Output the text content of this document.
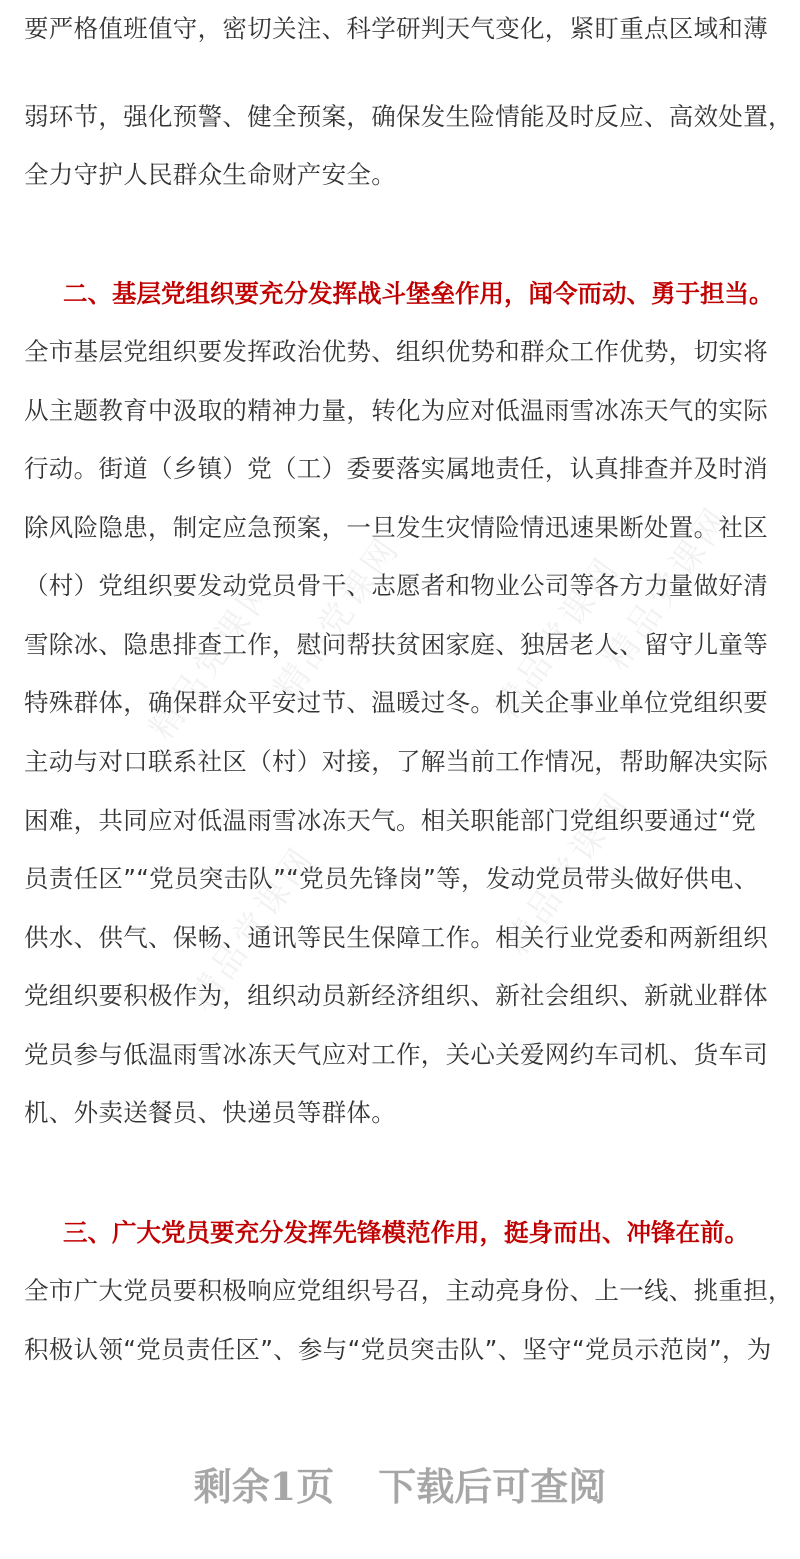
精品党课网	精品党课网
精品党课网
精品党课网 精品党课网
精品党课网
要严格值班值守，密切关注、科学研判天气变化，紧盯重点区域和薄
弱环节，强化预警、健全预案，确保发生险情能及时反应、高效处置，
全力守护人民群众生命财产安全。
二、基层党组织要充分发挥战斗堡垒作用，闻令而动、勇于担当。
全市基层党组织要发挥政治优势、组织优势和群众工作优势，切实将
从主题教育中汲取的精神力量，转化为应对低温雨雪冰冻天气的实际
行动。街道（乡镇）党（工）委要落实属地责任，认真排查并及时消
除风险隐患，制定应急预案，一旦发生灾情险情迅速果断处置。社区
（村）党组织要发动党员骨干、志愿者和物业公司等各方力量做好清
雪除冰、隐患排查工作，慰问帮扶贫困家庭、独居老人、留守儿童等
特殊群体，确保群众平安过节、温暖过冬。机关企事业单位党组织要
主动与对口联系社区（村）对接，了解当前工作情况，帮助解决实际
困难，共同应对低温雨雪冰冻天气。相关职能部门党组织要通过“党
员责任区”“党员突击队”“党员先锋岗”等，发动党员带头做好供电、
供水、供气、保畅、通讯等民生保障工作。相关行业党委和两新组织
党组织要积极作为，组织动员新经济组织、新社会组织、新就业群体
党员参与低温雨雪冰冻天气应对工作，关心关爱网约车司机、货车司
机、外卖送餐员、快递员等群体。
三、广大党员要充分发挥先锋模范作用，挺身而出、冲锋在前。
全市广大党员要积极响应党组织号召，主动亮身份、上一线、挑重担，
积极认领“党员责任区”、参与“党员突击队”、坚守“党员示范岗”，为
剩余1页 下载后可查阅
